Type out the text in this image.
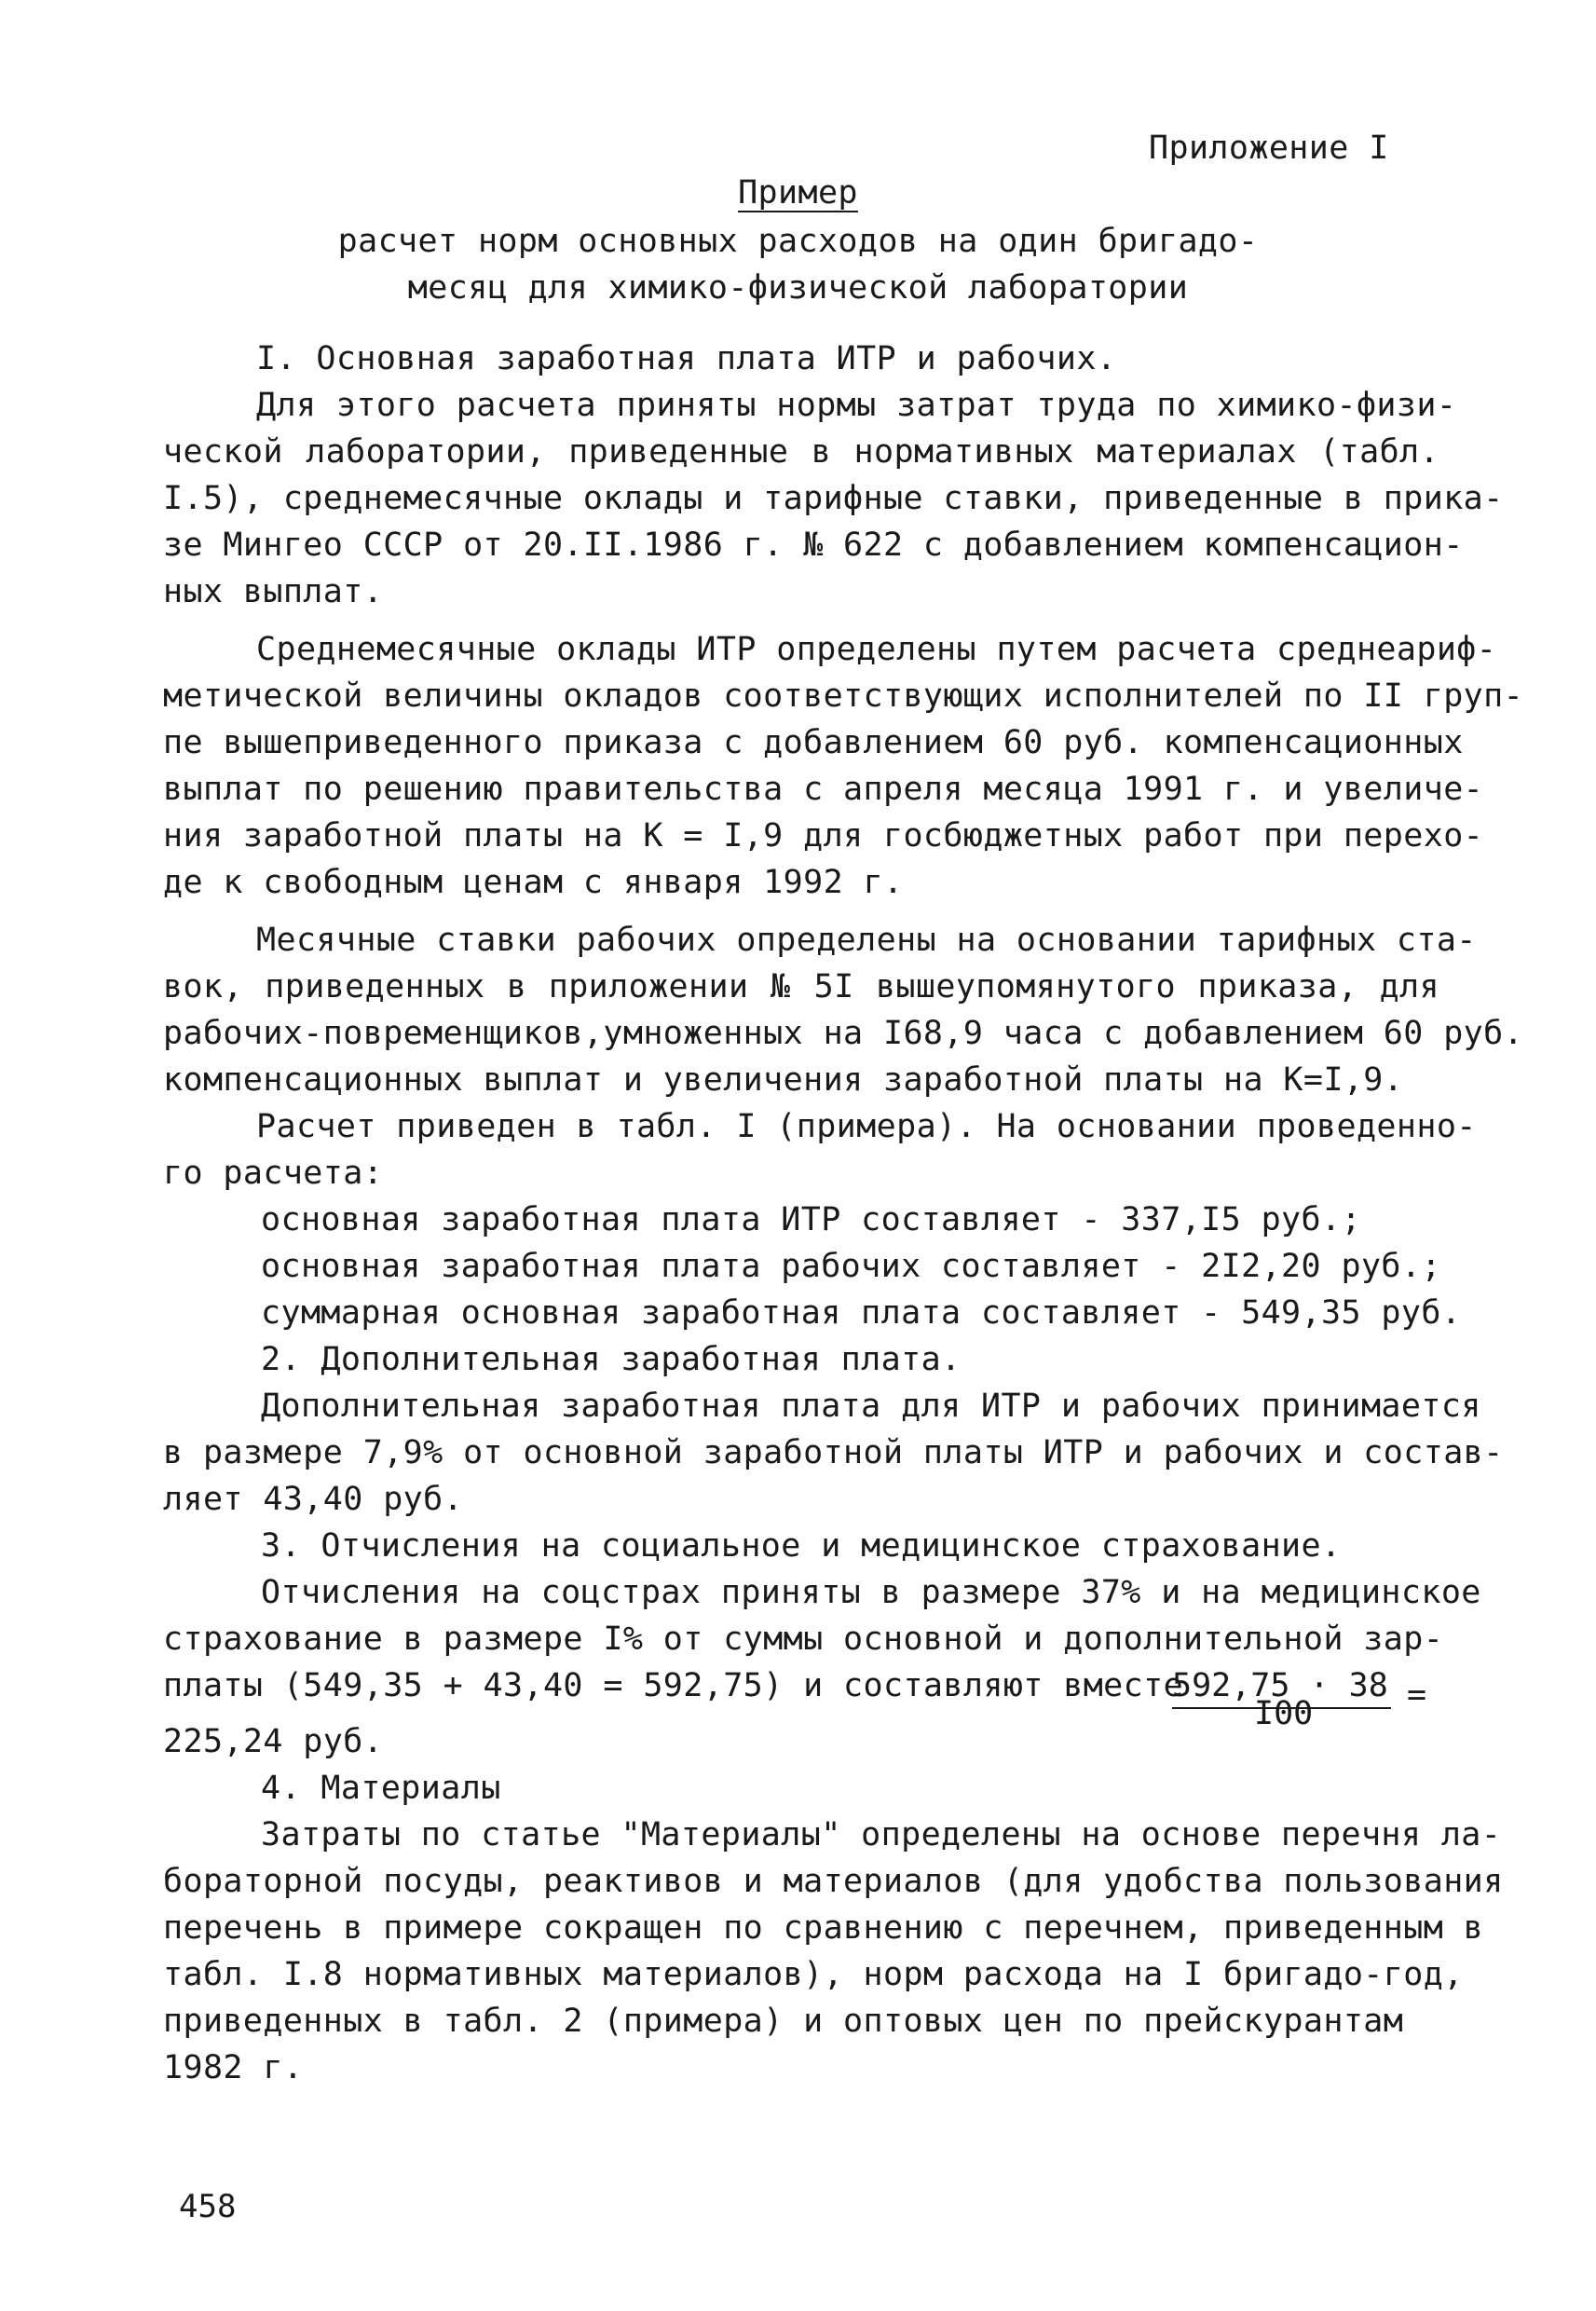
Приложение I
Пример
расчет норм основных расходов на один бригадо-
месяц для химико-физической лаборатории
I. Основная заработная плата ИТР и рабочих.
Для этого расчета приняты нормы затрат труда по химико-физи-
ческой лаборатории, приведенные в нормативных материалах (табл.
I.5), среднемесячные оклады и тарифные ставки, приведенные в прика-
зе Мингео СССР от 20.II.1986 г. № 622 с добавлением компенсацион-
ных выплат.
Среднемесячные оклады ИТР определены путем расчета среднеариф-
метической величины окладов соответствующих исполнителей по II груп-
пе вышеприведенного приказа с добавлением 60 руб. компенсационных
выплат по решению правительства с апреля месяца 1991 г. и увеличе-
ния заработной платы на К = I,9 для госбюджетных работ при перехо-
де к свободным ценам с января 1992 г.
Месячные ставки рабочих определены на основании тарифных ста-
вок, приведенных в приложении № 5I вышеупомянутого приказа, для
рабочих-повременщиков,умноженных на I68,9 часа с добавлением 60 руб.
компенсационных выплат и увеличения заработной платы на К=I,9.
Расчет приведен в табл. I (примера). На основании проведенно-
го расчета:
основная заработная плата ИТР составляет - 337,I5 руб.;
основная заработная плата рабочих составляет - 2I2,20 руб.;
суммарная основная заработная плата составляет - 549,35 руб.
2. Дополнительная заработная плата.
Дополнительная заработная плата для ИТР и рабочих принимается
в размере 7,9% от основной заработной платы ИТР и рабочих и состав-
ляет 43,40 руб.
3. Отчисления на социальное и медицинское страхование.
Отчисления на соцстрах приняты в размере 37% и на медицинское
страхование в размере I% от суммы основной и дополнительной зар-
платы (549,35 + 43,40 = 592,75) и составляют вместе
592,75 · 38
I00	=
225,24 руб.
4. Материалы
Затраты по статье "Материалы" определены на основе перечня ла-
бораторной посуды, реактивов и материалов (для удобства пользования
перечень в примере сокращен по сравнению с перечнем, приведенным в
табл. I.8 нормативных материалов), норм расхода на I бригадо-год,
приведенных в табл. 2 (примера) и оптовых цен по прейскурантам
1982 г.
458
